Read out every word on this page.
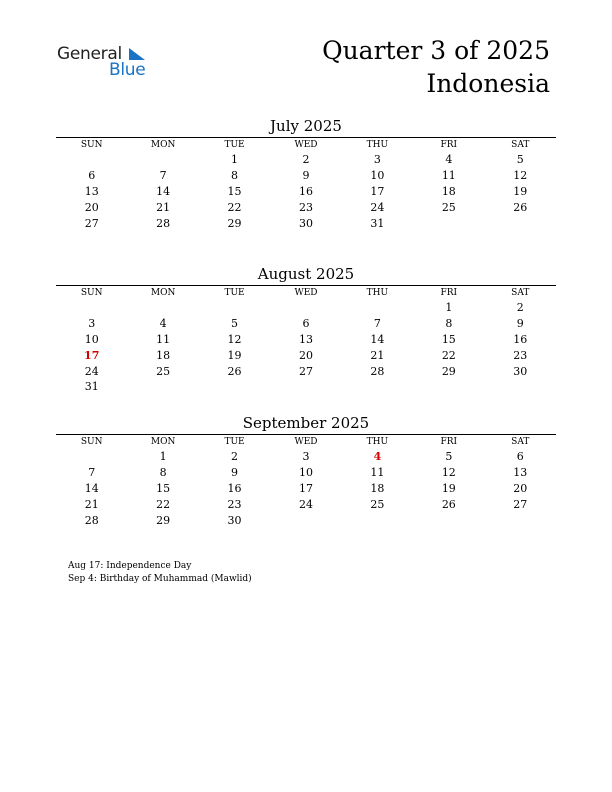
General
Blue
Quarter 3 of 2025
Indonesia
July 2025
SUN	MON	TUE	WED	THU	FRI	SAT
		1	2	3	4	5
6	7	8	9	10	11	12
13	14	15	16	17	18	19
20	21	22	23	24	25	26
27	28	29	30	31		
August 2025
SUN	MON	TUE	WED	THU	FRI	SAT
					1	2
3	4	5	6	7	8	9
10	11	12	13	14	15	16
17	18	19	20	21	22	23
24	25	26	27	28	29	30
31						
September 2025
SUN	MON	TUE	WED	THU	FRI	SAT
	1	2	3	4	5	6
7	8	9	10	11	12	13
14	15	16	17	18	19	20
21	22	23	24	25	26	27
28	29	30				
Aug 17: Independence Day
Sep 4: Birthday of Muhammad (Mawlid)
